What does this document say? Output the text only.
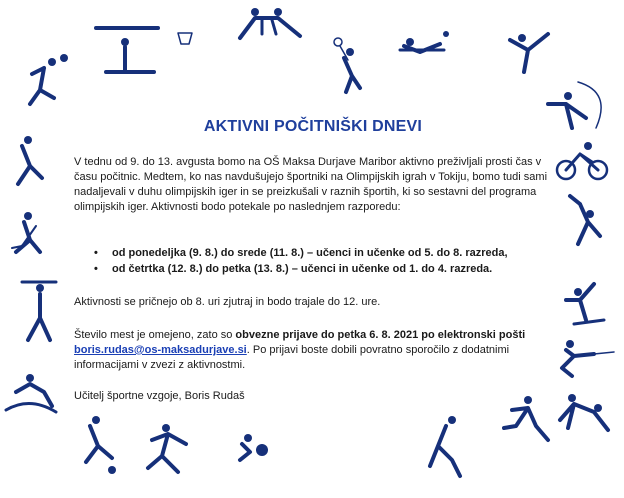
AKTIVNI POČITNIŠKI DNEVI
V tednu od 9. do 13. avgusta bomo na OŠ Maksa Durjave Maribor aktivno preživljali prosti čas v času počitnic. Medtem, ko nas navdušujejo športniki na Olimpijskih igrah v Tokiju, bomo tudi sami nadaljevali v duhu olimpijskih iger in se preizkušali v raznih športih, ki so sestavni del programa olimpijskih iger. Aktivnosti bodo potekale po naslednjem razporedu:
• od ponedeljka (9. 8.) do srede (11. 8.) – učenci in učenke od 5. do 8. razreda,
• od četrtka (12. 8.) do petka (13. 8.) – učenci in učenke od 1. do 4. razreda.
Aktivnosti se pričnejo ob 8. uri zjutraj in bodo trajale do 12. ure.
Število mest je omejeno, zato so obvezne prijave do petka 6. 8. 2021 po elektronski pošti boris.rudas@os-maksadurjave.si. Po prijavi boste dobili povratno sporočilo z dodatnimi informacijami v zvezi z aktivnostmi.
Učitelj športne vzgoje, Boris Rudaš
